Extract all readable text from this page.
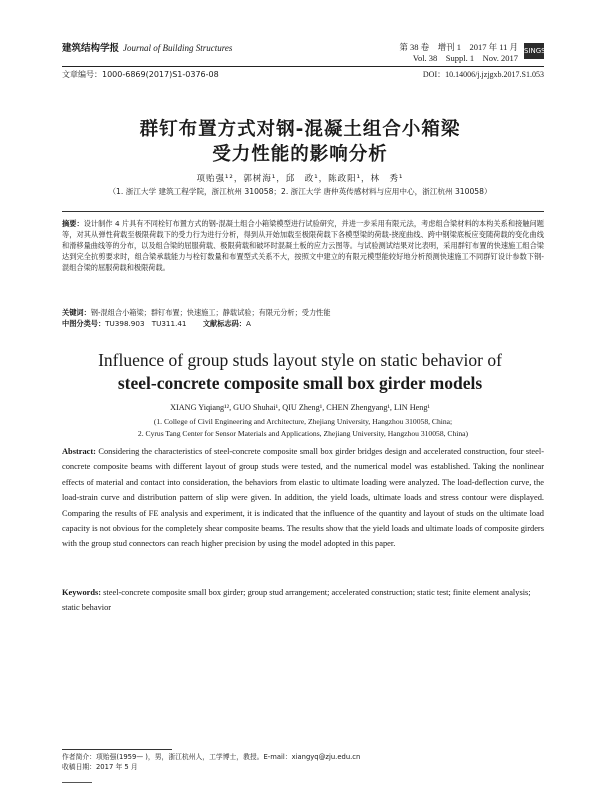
建筑结构学报 Journal of Building Structures	第 38 卷　增刊 1　2017 年 11 月
Vol. 38　Suppl. 1　Nov. 2017
SINGS
文章编号：1000-6869(2017)S1-0376-08	DOI：10.14006/j.jzjgxb.2017.S1.053
群钉布置方式对钢-混凝土组合小箱梁
受力性能的影响分析
项贻强¹²，郭树海¹，邱　政¹，陈政阳¹，林　秀¹
（1. 浙江大学 建筑工程学院，浙江杭州 310058；2. 浙江大学 唐仲英传感材料与应用中心，浙江杭州 310058）
摘要：设计制作 4 片具有不同栓钉布置方式的钢-混凝土组合小箱梁模型进行试验研究，并进一步采用有限元法，考虑组合梁材料的本构关系和接触问题等，对其从弹性荷载至极限荷载下的受力行为进行分析，得到从开始加载至极限荷载下各模型梁的荷载-挠度曲线、跨中钢梁底板应变随荷载的变化曲线和滑移量曲线等的分布，以及组合梁的屈服荷载、极限荷载和破坏时混凝土板的应力云图等。与试验测试结果对比表明，采用群钉布置的快速施工组合梁达到完全抗剪要求时，组合梁承载能力与栓钉数量和布置型式关系不大，按照文中建立的有限元模型能较好地分析预测快速施工不同群钉设计参数下钢-混组合梁的屈服荷载和极限荷载。
关键词：钢-混组合小箱梁；群钉布置；快速施工；静载试验；有限元分析；受力性能
中图分类号：TU398.903　TU311.41 文献标志码：A
Influence of group studs layout style on static behavior of
steel-concrete composite small box girder models
XIANG Yiqiang¹², GUO Shuhai¹, QIU Zheng¹, CHEN Zhengyang¹, LIN Heng¹
(1. College of Civil Engineering and Architecture, Zhejiang University, Hangzhou 310058, China;
2. Cyrus Tang Center for Sensor Materials and Applications, Zhejiang University, Hangzhou 310058, China)
Abstract: Considering the characteristics of steel-concrete composite small box girder bridges design and accelerated construction, four steel-concrete composite beams with different layout of group studs were tested, and the numerical model was established. Taking the nonlinear effects of material and contact into consideration, the behaviors from elastic to ultimate loading were analyzed. The load-deflection curve, the load-strain curve and distribution pattern of slip were given. In addition, the yield loads, ultimate loads and stress contour were displayed. Comparing the results of FE analysis and experiment, it is indicated that the influence of the quantity and layout of studs on the ultimate load capacity is not obvious for the completely shear composite beams. The results show that the yield loads and ultimate loads of composite girders with the group stud connectors can reach higher precision by using the model adopted in this paper.
Keywords: steel-concrete composite small box girder; group stud arrangement; accelerated construction; static test; finite element analysis; static behavior
作者简介：项贻强(1959— )，男，浙江杭州人，工学博士，教授。E-mail：xiangyq@zju.edu.cn
收稿日期：2017 年 5 月
